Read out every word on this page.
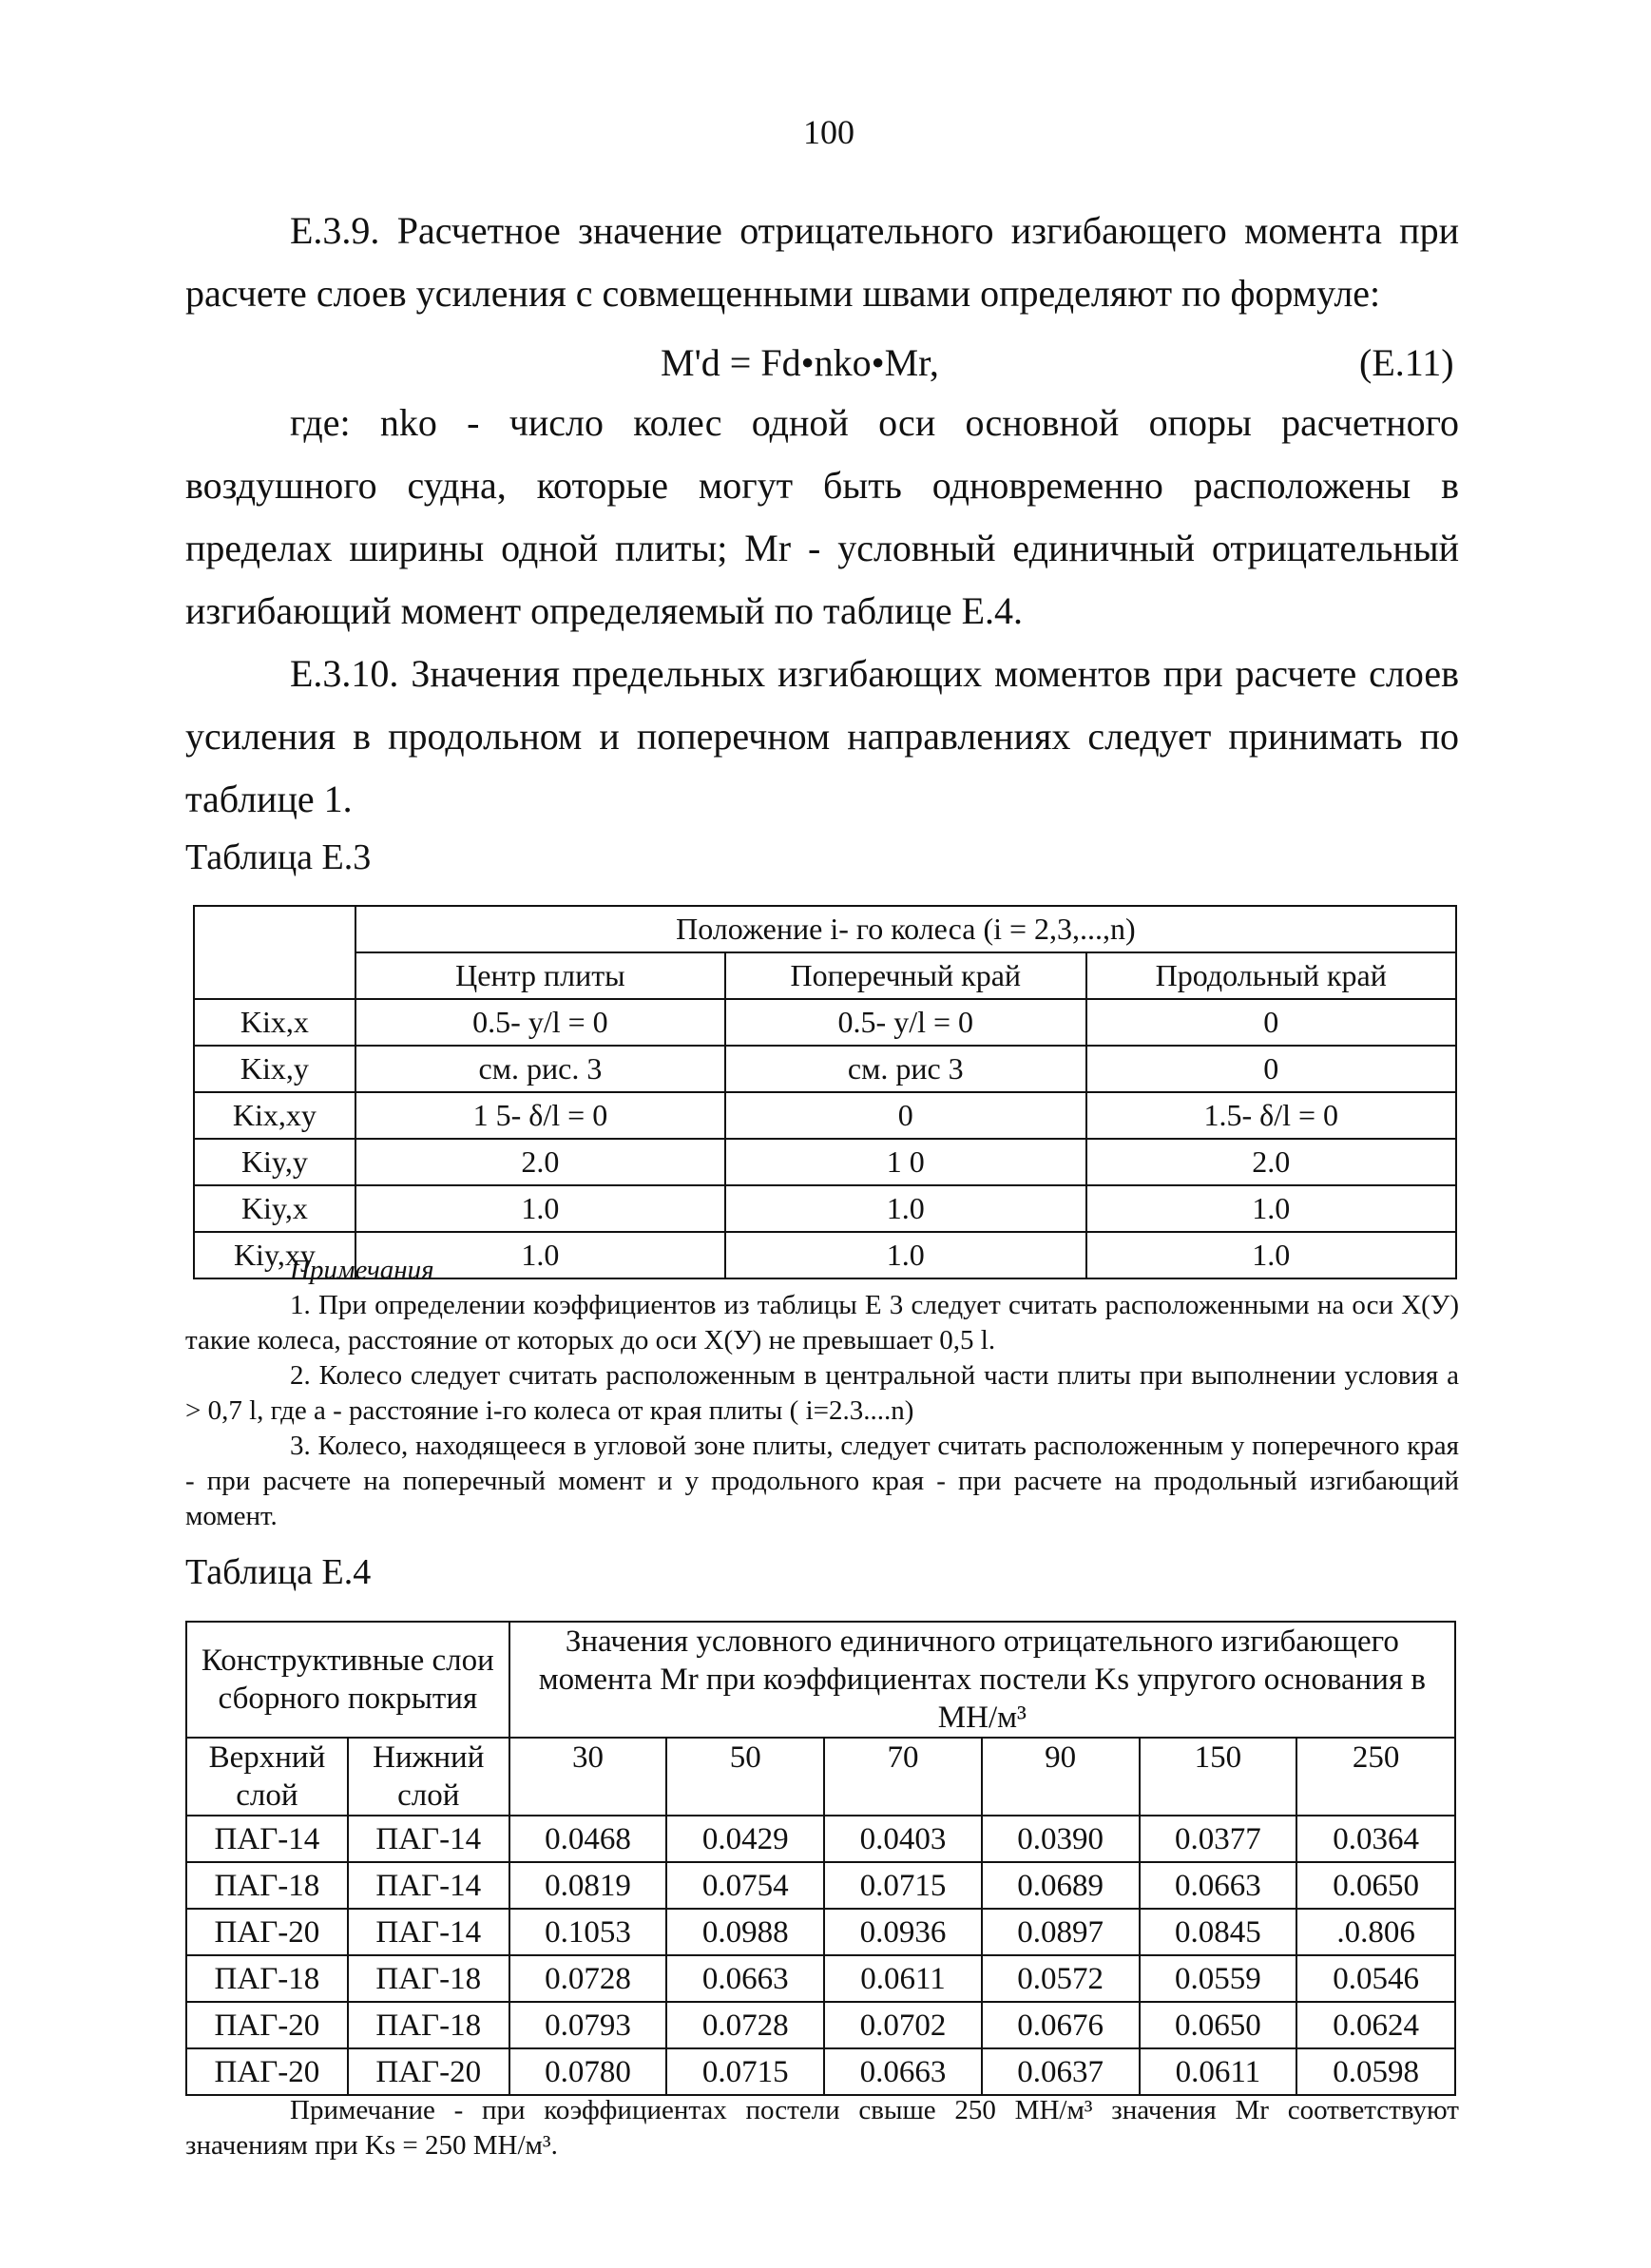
100
Е.3.9. Расчетное значение отрицательного изгибающего момента при расчете слоев усиления с совмещенными швами определяют по формуле:
M'd = Fd•nko•Mr,	(Е.11)
где: nko - число колес одной оси основной опоры расчетного воздушного судна, которые могут быть одновременно расположены в пределах ширины одной плиты; Mr - условный единичный отрицательный изгибающий момент определяемый по таблице Е.4.
Е.3.10. Значения предельных изгибающих моментов при расчете слоев усиления в продольном и поперечном направлениях следует принимать по таблице 1.
Таблица Е.3
	Положение i- го колеса (i = 2,3,...,n)		
	Центр плиты	Поперечный край	Продольный край
Kix,x	0.5- y/l = 0	0.5- y/l = 0	0
Kix,y	см. рис. 3	см. рис 3	0
Kix,xy	1 5- δ/l = 0	0	1.5- δ/l = 0
Kiy,y	2.0	1 0	2.0
Kiy,x	1.0	1.0	1.0
Kiy,xy	1.0	1.0	1.0
Примечания
1. При определении коэффициентов из таблицы Е 3 следует считать расположенными на оси Х(У) такие колеса, расстояние от которых до оси Х(У) не превышает 0,5 l.
2. Колесо следует считать расположенным в центральной части плиты при выполнении условия a > 0,7 l, где a - расстояние i-го колеса от края плиты ( i=2.3....n)
3. Колесо, находящееся в угловой зоне плиты, следует считать расположенным у поперечного края - при расчете на поперечный момент и у продольного края - при расчете на продольный изгибающий момент.
Таблица Е.4
Конструктивные слои сборного покрытия		Значения условного единичного отрицательного изгибающего момента Mr при коэффициентах постели Ks упругого основания в МН/м³					
Верхний слой	Нижний слой	30	50	70	90	150	250
ПАГ-14	ПАГ-14	0.0468	0.0429	0.0403	0.0390	0.0377	0.0364
ПАГ-18	ПАГ-14	0.0819	0.0754	0.0715	0.0689	0.0663	0.0650
ПАГ-20	ПАГ-14	0.1053	0.0988	0.0936	0.0897	0.0845	.0.806
ПАГ-18	ПАГ-18	0.0728	0.0663	0.0611	0.0572	0.0559	0.0546
ПАГ-20	ПАГ-18	0.0793	0.0728	0.0702	0.0676	0.0650	0.0624
ПАГ-20	ПАГ-20	0.0780	0.0715	0.0663	0.0637	0.0611	0.0598
Примечание - при коэффициентах постели свыше 250 МН/м³ значения Mr соответствуют значениям при Ks = 250 МН/м³.
